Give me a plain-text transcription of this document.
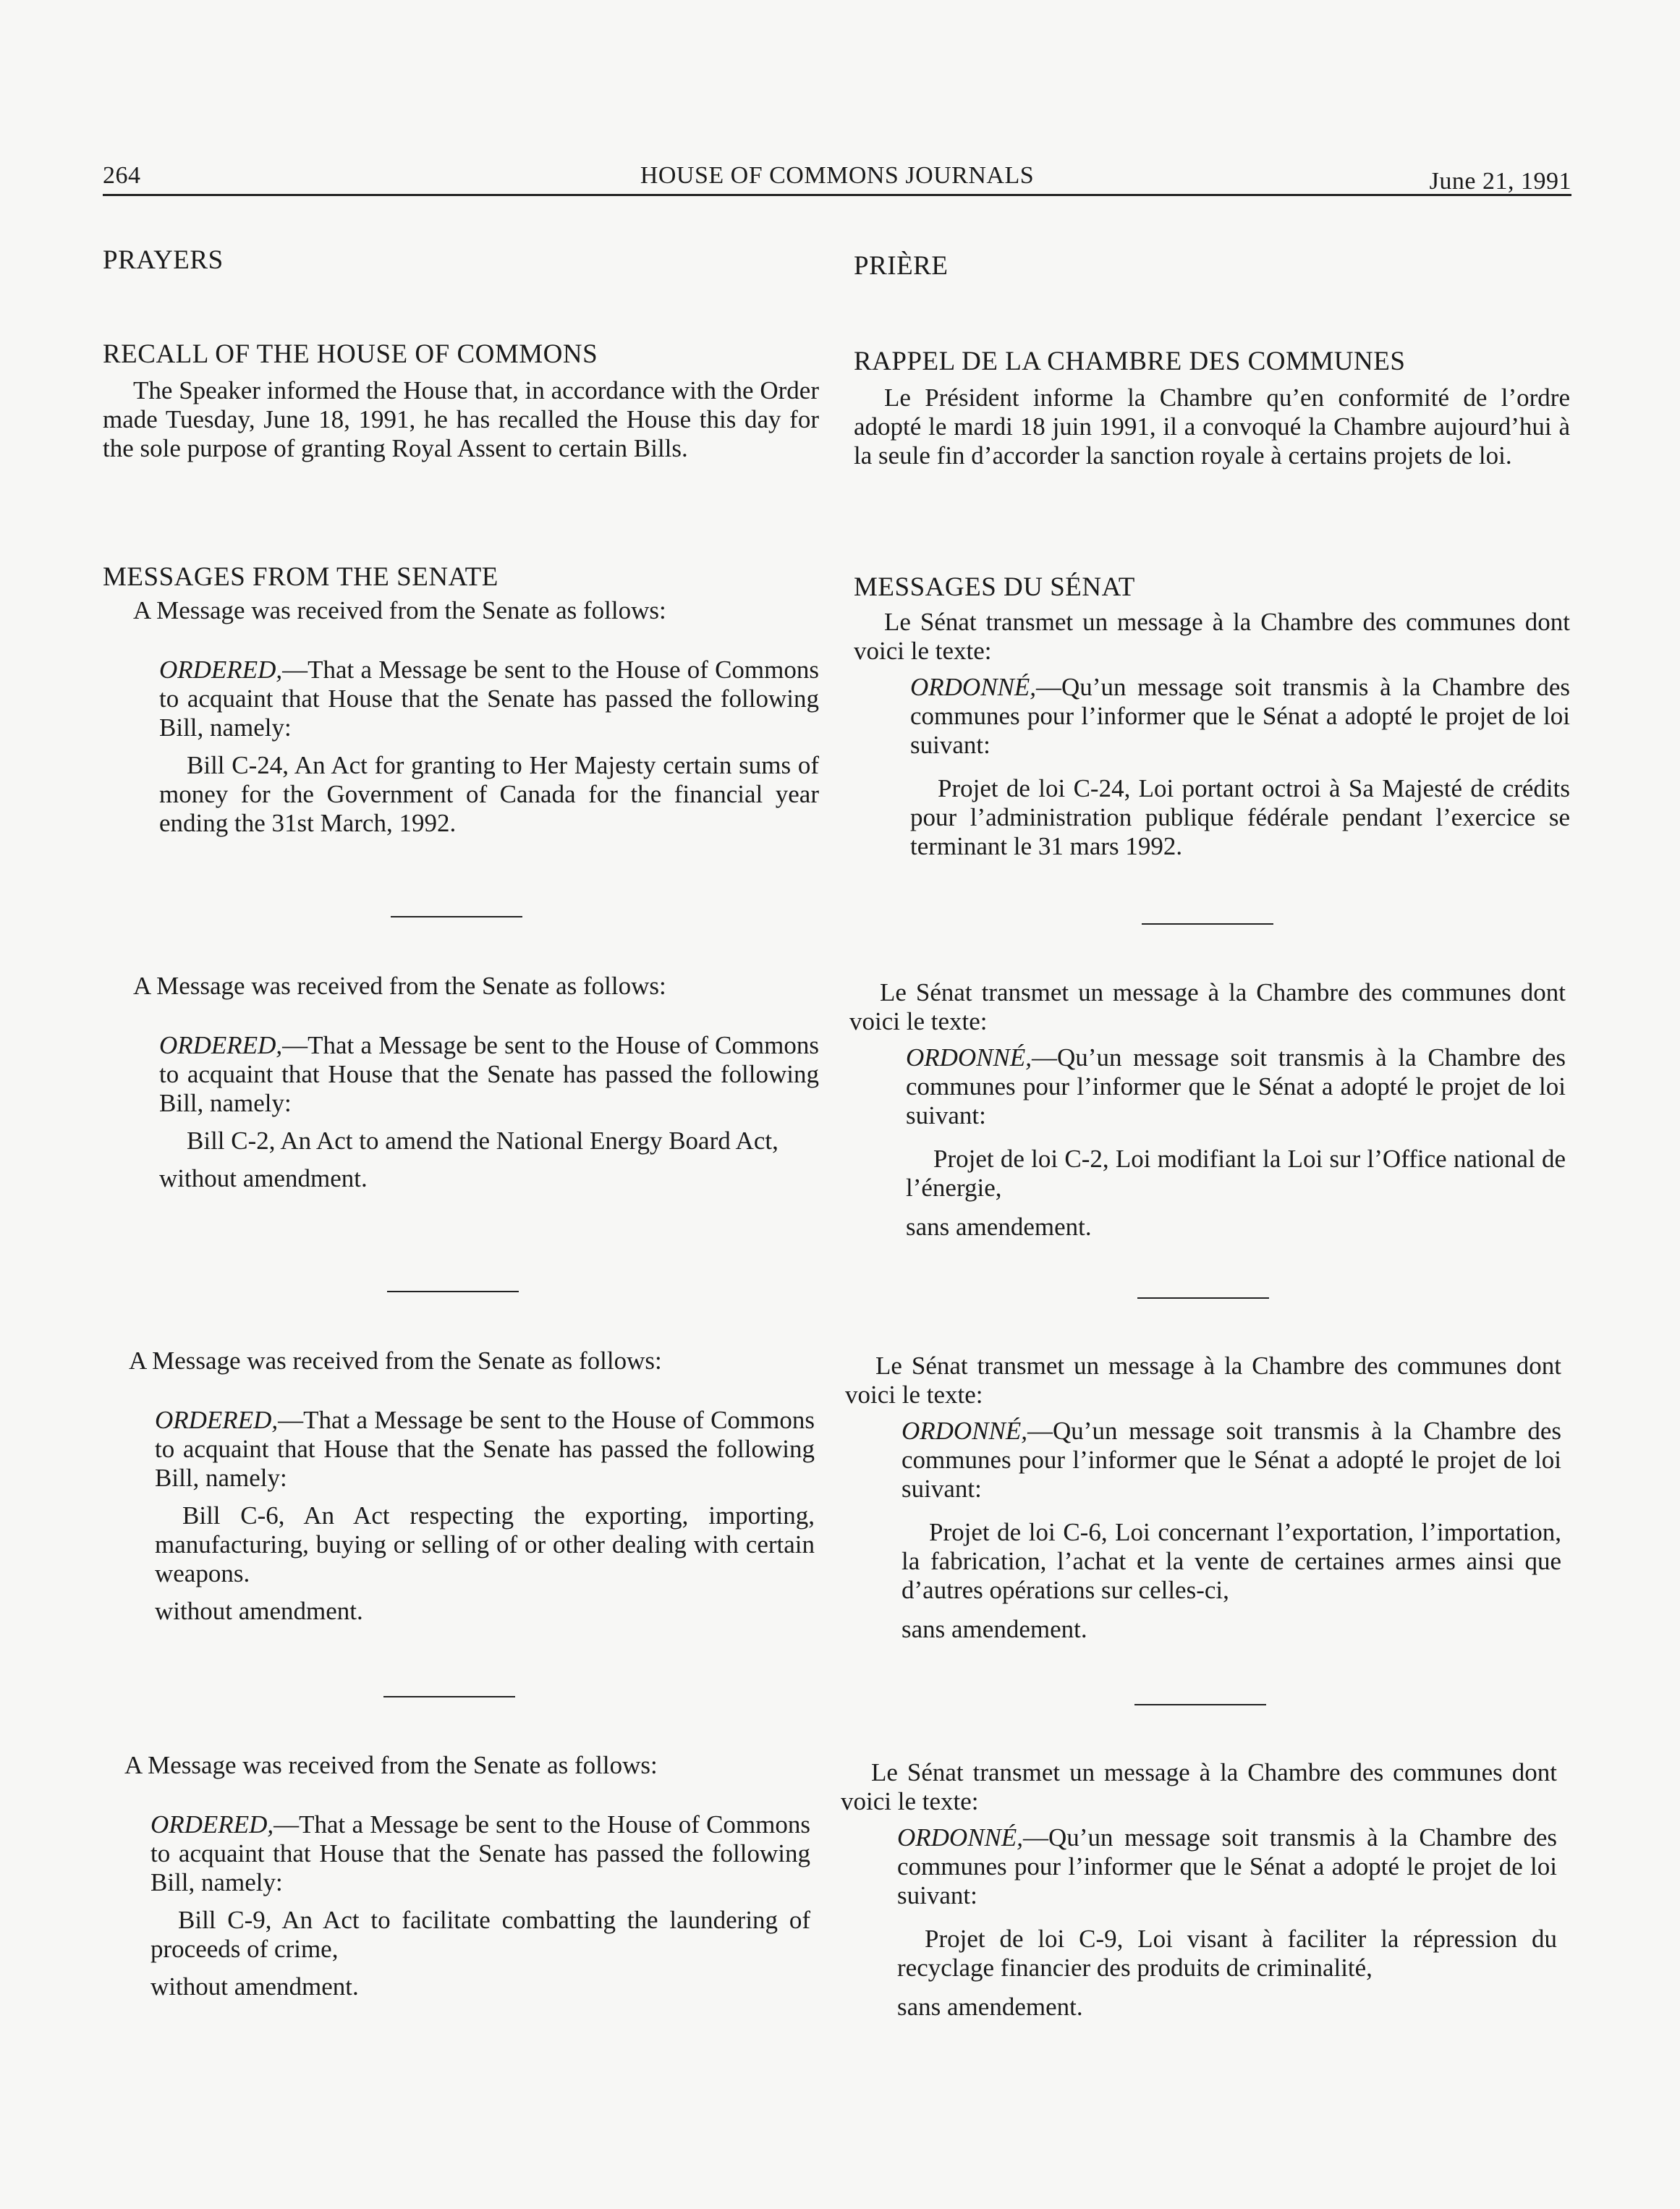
264	HOUSE OF COMMONS JOURNALS	June 21, 1991

PRAYERS

RECALL OF THE HOUSE OF COMMONS

The Speaker informed the House that, in accordance with the Order made Tuesday, June 18, 1991, he has recalled the House this day for the sole purpose of granting Royal Assent to certain Bills.

MESSAGES FROM THE SENATE

A Message was received from the Senate as follows:

ORDERED,—That a Message be sent to the House of Commons to acquaint that House that the Senate has passed the following Bill, namely:

Bill C-24, An Act for granting to Her Majesty certain sums of money for the Government of Canada for the financial year ending the 31st March, 1992.

A Message was received from the Senate as follows:

ORDERED,—That a Message be sent to the House of Commons to acquaint that House that the Senate has passed the following Bill, namely:

Bill C-2, An Act to amend the National Energy Board Act,

without amendment.

A Message was received from the Senate as follows:

ORDERED,—That a Message be sent to the House of Commons to acquaint that House that the Senate has passed the following Bill, namely:

Bill C-6, An Act respecting the exporting, importing, manufacturing, buying or selling of or other dealing with certain weapons.

without amendment.

A Message was received from the Senate as follows:

ORDERED,—That a Message be sent to the House of Commons to acquaint that House that the Senate has passed the following Bill, namely:

Bill C-9, An Act to facilitate combatting the laundering of proceeds of crime,

without amendment.

PRIÈRE

RAPPEL DE LA CHAMBRE DES COMMUNES

Le Président informe la Chambre qu’en conformité de l’ordre adopté le mardi 18 juin 1991, il a convoqué la Chambre aujourd’hui à la seule fin d’accorder la sanction royale à certains projets de loi.

MESSAGES DU SÉNAT

Le Sénat transmet un message à la Chambre des communes dont voici le texte:

ORDONNÉ,—Qu’un message soit transmis à la Chambre des communes pour l’informer que le Sénat a adopté le projet de loi suivant:

Projet de loi C-24, Loi portant octroi à Sa Majesté de crédits pour l’administration publique fédérale pendant l’exercice se terminant le 31 mars 1992.

Le Sénat transmet un message à la Chambre des communes dont voici le texte:

ORDONNÉ,—Qu’un message soit transmis à la Chambre des communes pour l’informer que le Sénat a adopté le projet de loi suivant:

Projet de loi C-2, Loi modifiant la Loi sur l’Office national de l’énergie,

sans amendement.

Le Sénat transmet un message à la Chambre des communes dont voici le texte:

ORDONNÉ,—Qu’un message soit transmis à la Chambre des communes pour l’informer que le Sénat a adopté le projet de loi suivant:

Projet de loi C-6, Loi concernant l’exportation, l’importation, la fabrication, l’achat et la vente de certaines armes ainsi que d’autres opérations sur celles-ci,

sans amendement.

Le Sénat transmet un message à la Chambre des communes dont voici le texte:

ORDONNÉ,—Qu’un message soit transmis à la Chambre des communes pour l’informer que le Sénat a adopté le projet de loi suivant:

Projet de loi C-9, Loi visant à faciliter la répression du recyclage financier des produits de criminalité,

sans amendement.
